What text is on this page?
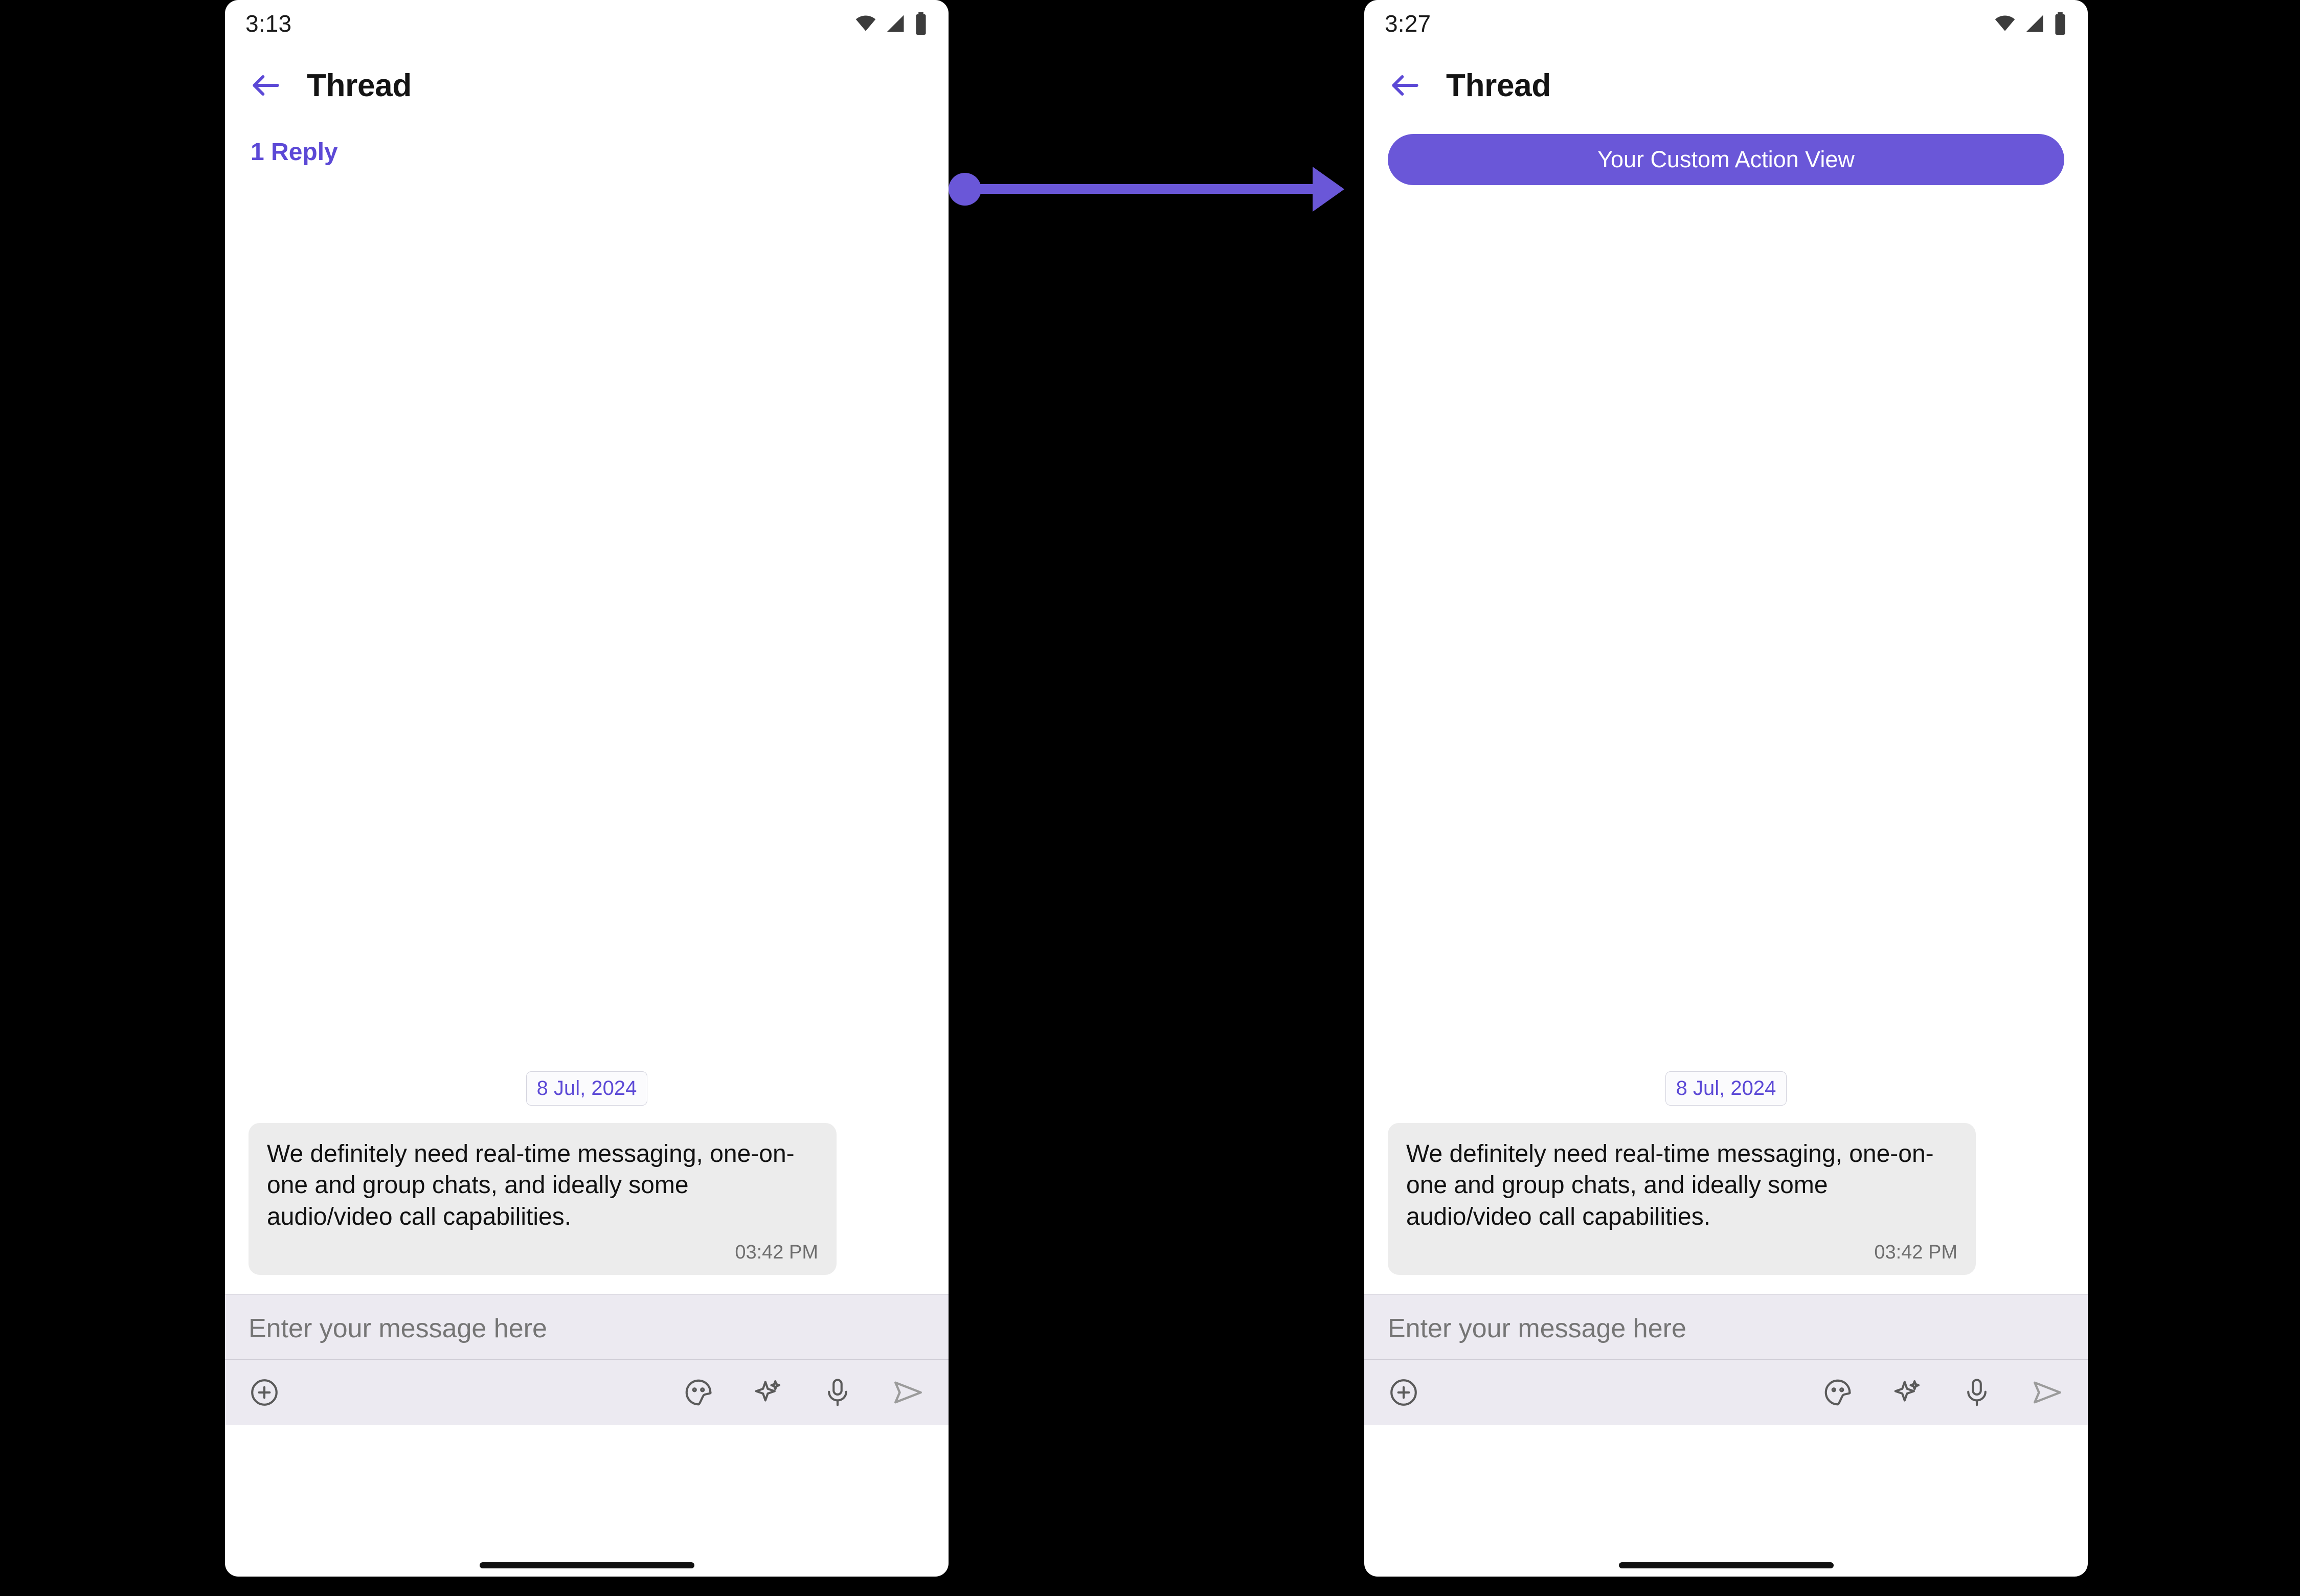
3:13
Thread
1 Reply
8 Jul, 2024
We definitely need real-time messaging, one-on-one and group chats, and ideally some audio/video call capabilities.
03:42 PM
Enter your message here
3:27
Thread
Your Custom Action View
8 Jul, 2024
We definitely need real-time messaging, one-on-one and group chats, and ideally some audio/video call capabilities.
03:42 PM
Enter your message here
